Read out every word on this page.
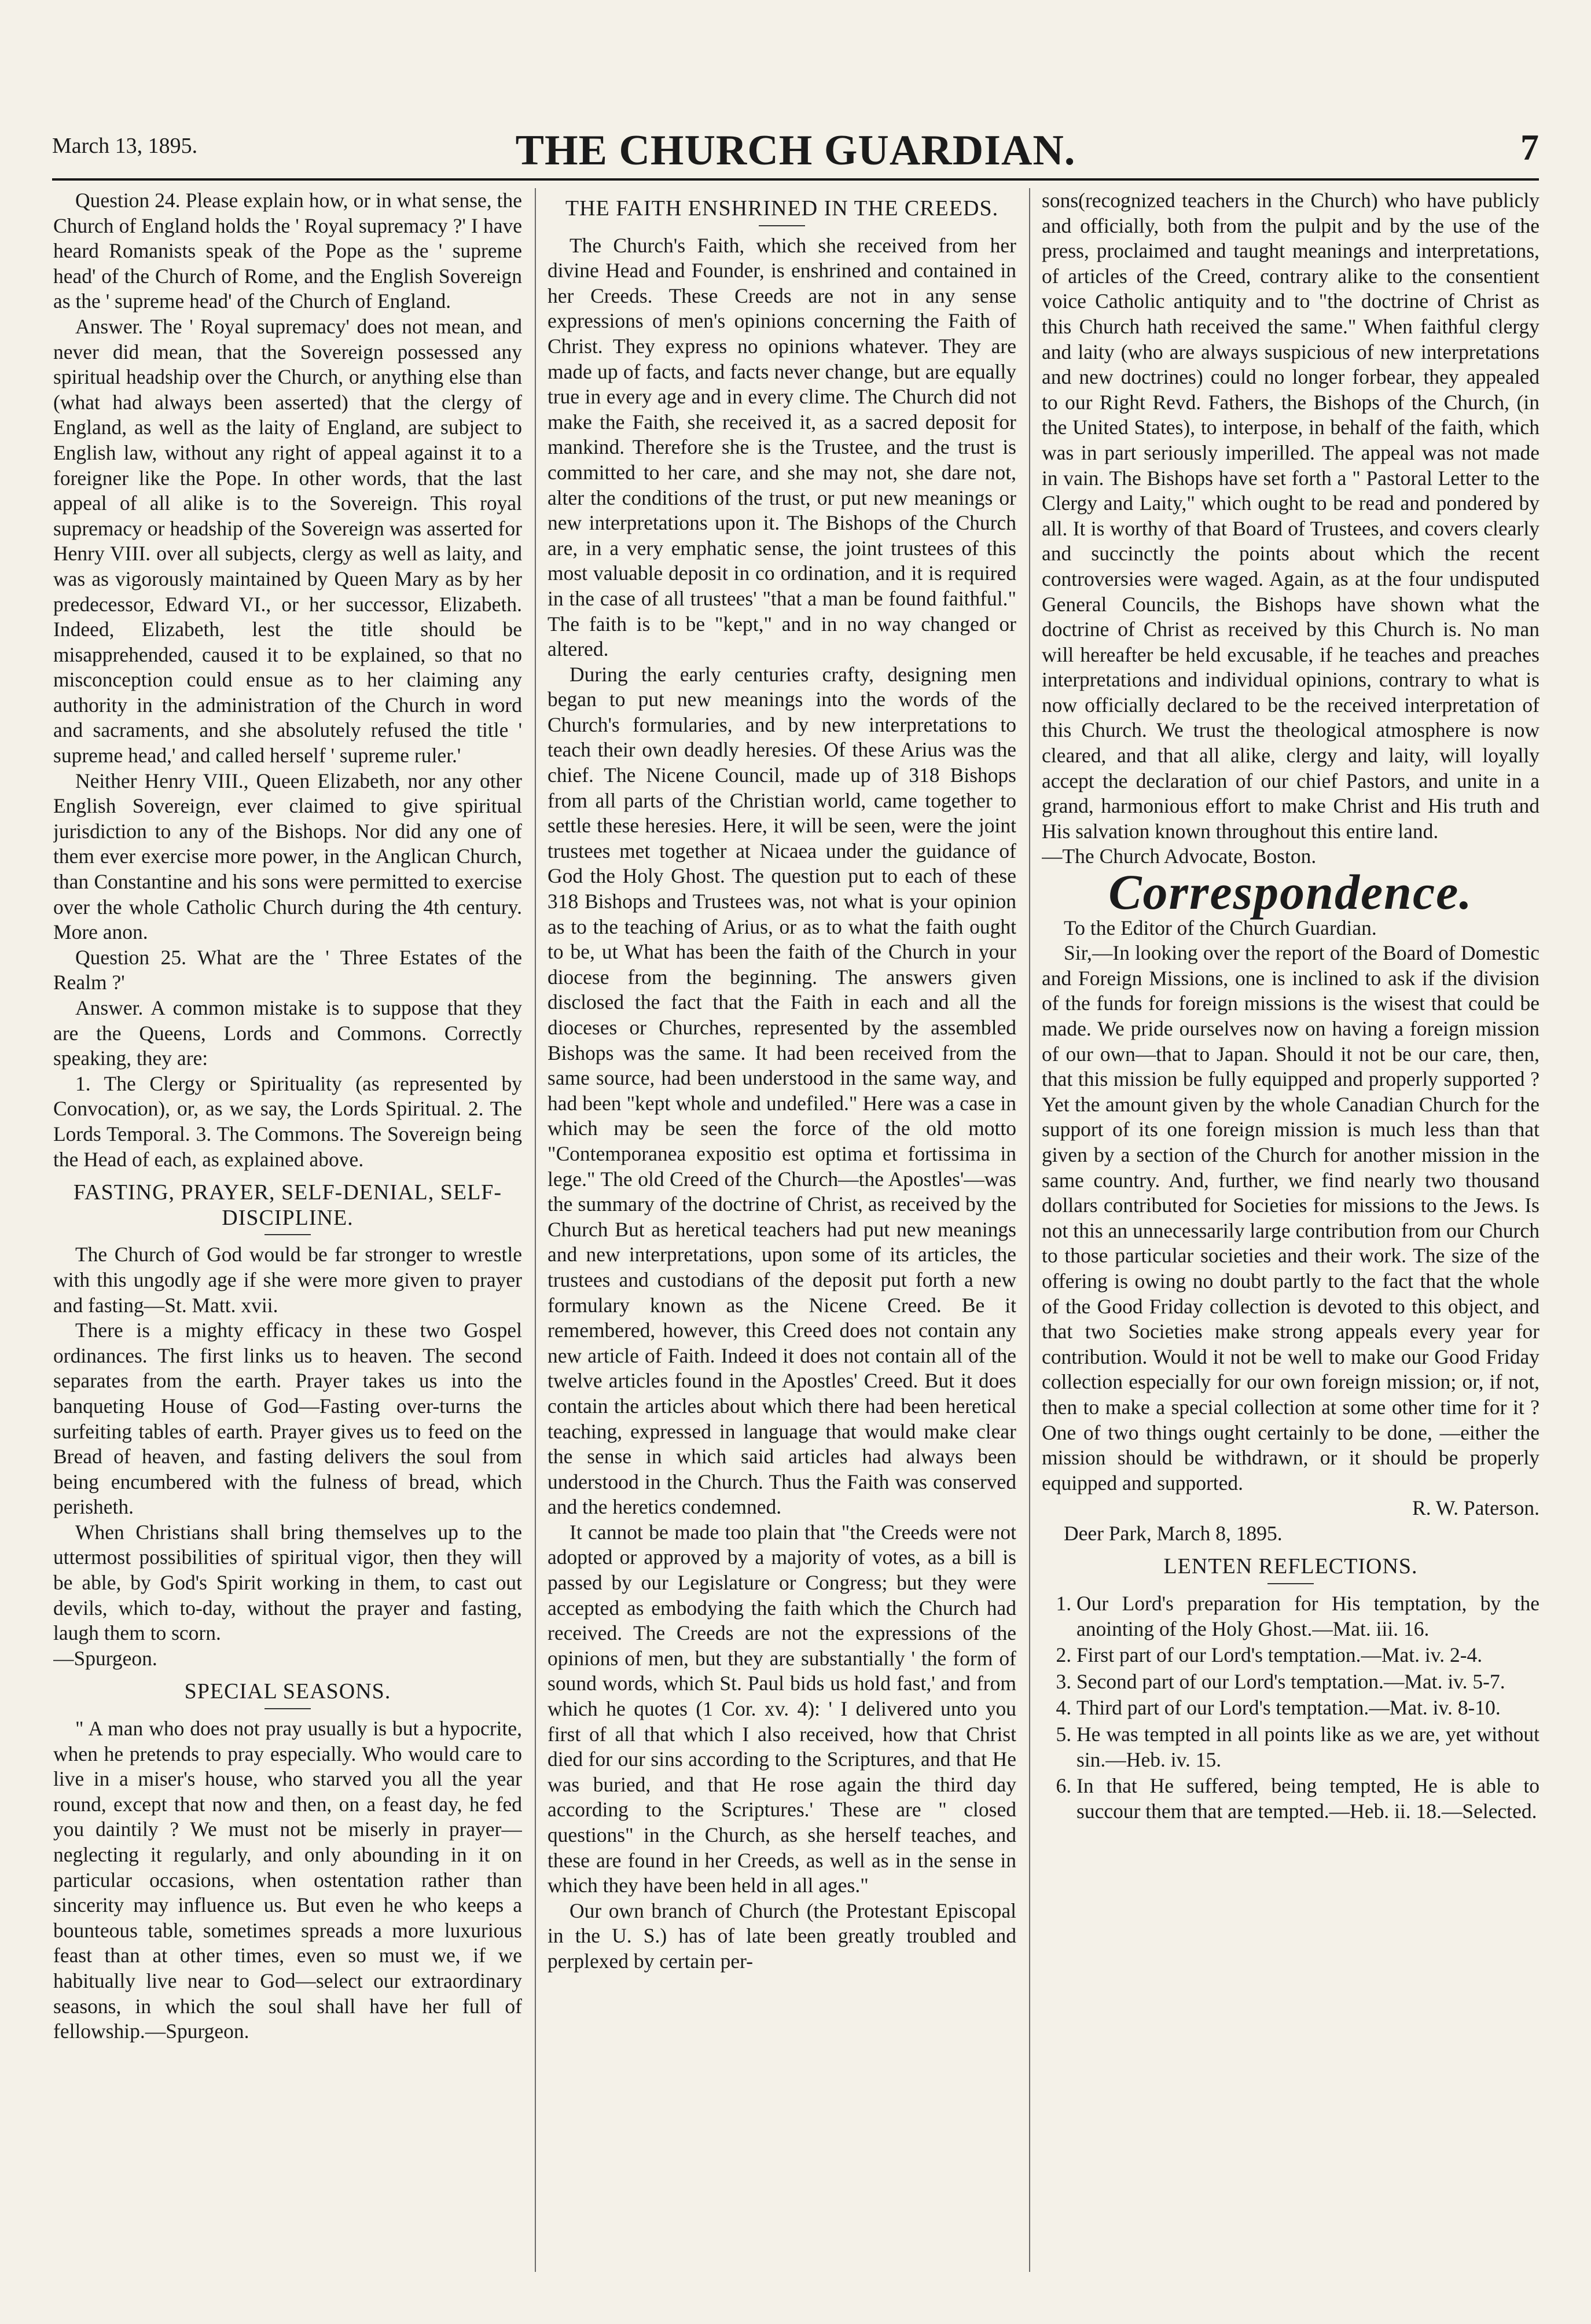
March 13, 1895.	THE CHURCH GUARDIAN.	7

Question 24. Please explain how, or in what sense, the Church of England holds the ' Royal supremacy ?' I have heard Romanists speak of the Pope as the ' supreme head' of the Church of Rome, and the English Sovereign as the ' supreme head' of the Church of England.

Answer. The ' Royal supremacy' does not mean, and never did mean, that the Sovereign possessed any spiritual headship over the Church, or anything else than (what had always been asserted) that the clergy of England, as well as the laity of England, are subject to English law, without any right of appeal against it to a foreigner like the Pope. In other words, that the last appeal of all alike is to the Sovereign. This royal supremacy or headship of the Sovereign was asserted for Henry VIII. over all subjects, clergy as well as laity, and was as vigorously maintained by Queen Mary as by her predecessor, Edward VI., or her successor, Elizabeth. Indeed, Elizabeth, lest the title should be misapprehended, caused it to be explained, so that no misconception could ensue as to her claiming any authority in the administration of the Church in word and sacraments, and she absolutely refused the title ' supreme head,' and called herself ' supreme ruler.'

Neither Henry VIII., Queen Elizabeth, nor any other English Sovereign, ever claimed to give spiritual jurisdiction to any of the Bishops. Nor did any one of them ever exercise more power, in the Anglican Church, than Constantine and his sons were permitted to exercise over the whole Catholic Church during the 4th century. More anon.

Question 25. What are the ' Three Estates of the Realm ?'

Answer. A common mistake is to suppose that they are the Queens, Lords and Commons. Correctly speaking, they are:

1. The Clergy or Spirituality (as represented by Convocation), or, as we say, the Lords Spiritual. 2. The Lords Temporal. 3. The Commons. The Sovereign being the Head of each, as explained above.

FASTING, PRAYER, SELF-DENIAL, SELF-DISCIPLINE.

The Church of God would be far stronger to wrestle with this ungodly age if she were more given to prayer and fasting—St. Matt. xvii.

There is a mighty efficacy in these two Gospel ordinances. The first links us to heaven. The second separates from the earth. Prayer takes us into the banqueting House of God—Fasting over-turns the surfeiting tables of earth. Prayer gives us to feed on the Bread of heaven, and fasting delivers the soul from being encumbered with the fulness of bread, which perisheth.

When Christians shall bring themselves up to the uttermost possibilities of spiritual vigor, then they will be able, by God's Spirit working in them, to cast out devils, which to-day, without the prayer and fasting, laugh them to scorn.

—Spurgeon.

SPECIAL SEASONS.

" A man who does not pray usually is but a hypocrite, when he pretends to pray especially. Who would care to live in a miser's house, who starved you all the year round, except that now and then, on a feast day, he fed you daintily ? We must not be miserly in prayer—neglecting it regularly, and only abounding in it on particular occasions, when ostentation rather than sincerity may influence us. But even he who keeps a bounteous table, sometimes spreads a more luxurious feast than at other times, even so must we, if we habitually live near to God—select our extraordinary seasons, in which the soul shall have her full of fellowship.—Spurgeon.

THE FAITH ENSHRINED IN THE CREEDS.

The Church's Faith, which she received from her divine Head and Founder, is enshrined and contained in her Creeds. These Creeds are not in any sense expressions of men's opinions concerning the Faith of Christ. They express no opinions whatever. They are made up of facts, and facts never change, but are equally true in every age and in every clime. The Church did not make the Faith, she received it, as a sacred deposit for mankind. Therefore she is the Trustee, and the trust is committed to her care, and she may not, she dare not, alter the conditions of the trust, or put new meanings or new interpretations upon it. The Bishops of the Church are, in a very emphatic sense, the joint trustees of this most valuable deposit in co ordination, and it is required in the case of all trustees' "that a man be found faithful." The faith is to be "kept," and in no way changed or altered.

During the early centuries crafty, designing men began to put new meanings into the words of the Church's formularies, and by new interpretations to teach their own deadly heresies. Of these Arius was the chief. The Nicene Council, made up of 318 Bishops from all parts of the Christian world, came together to settle these heresies. Here, it will be seen, were the joint trustees met together at Nicaea under the guidance of God the Holy Ghost. The question put to each of these 318 Bishops and Trustees was, not what is your opinion as to the teaching of Arius, or as to what the faith ought to be, ut What has been the faith of the Church in your diocese from the beginning. The answers given disclosed the fact that the Faith in each and all the dioceses or Churches, represented by the assembled Bishops was the same. It had been received from the same source, had been understood in the same way, and had been "kept whole and undefiled." Here was a case in which may be seen the force of the old motto "Contemporanea expositio est optima et fortissima in lege." The old Creed of the Church—the Apostles'—was the summary of the doctrine of Christ, as received by the Church But as heretical teachers had put new meanings and new interpretations, upon some of its articles, the trustees and custodians of the deposit put forth a new formulary known as the Nicene Creed. Be it remembered, however, this Creed does not contain any new article of Faith. Indeed it does not contain all of the twelve articles found in the Apostles' Creed. But it does contain the articles about which there had been heretical teaching, expressed in language that would make clear the sense in which said articles had always been understood in the Church. Thus the Faith was conserved and the heretics condemned.

It cannot be made too plain that "the Creeds were not adopted or approved by a majority of votes, as a bill is passed by our Legislature or Congress; but they were accepted as embodying the faith which the Church had received. The Creeds are not the expressions of the opinions of men, but they are substantially ' the form of sound words, which St. Paul bids us hold fast,' and from which he quotes (1 Cor. xv. 4): ' I delivered unto you first of all that which I also received, how that Christ died for our sins according to the Scriptures, and that He was buried, and that He rose again the third day according to the Scriptures.' These are " closed questions" in the Church, as she herself teaches, and these are found in her Creeds, as well as in the sense in which they have been held in all ages."

Our own branch of Church (the Protestant Episcopal in the U. S.) has of late been greatly troubled and perplexed by certain per-

sons(recognized teachers in the Church) who have publicly and officially, both from the pulpit and by the use of the press, proclaimed and taught meanings and interpretations, of articles of the Creed, contrary alike to the consentient voice Catholic antiquity and to "the doctrine of Christ as this Church hath received the same." When faithful clergy and laity (who are always suspicious of new interpretations and new doctrines) could no longer forbear, they appealed to our Right Revd. Fathers, the Bishops of the Church, (in the United States), to interpose, in behalf of the faith, which was in part seriously imperilled. The appeal was not made in vain. The Bishops have set forth a " Pastoral Letter to the Clergy and Laity," which ought to be read and pondered by all. It is worthy of that Board of Trustees, and covers clearly and succinctly the points about which the recent controversies were waged. Again, as at the four undisputed General Councils, the Bishops have shown what the doctrine of Christ as received by this Church is. No man will hereafter be held excusable, if he teaches and preaches interpretations and individual opinions, contrary to what is now officially declared to be the received interpretation of this Church. We trust the theological atmosphere is now cleared, and that all alike, clergy and laity, will loyally accept the declaration of our chief Pastors, and unite in a grand, harmonious effort to make Christ and His truth and His salvation known throughout this entire land.

—The Church Advocate, Boston.

Correspondence.

To the Editor of the Church Guardian.

Sir,—In looking over the report of the Board of Domestic and Foreign Missions, one is inclined to ask if the division of the funds for foreign missions is the wisest that could be made. We pride ourselves now on having a foreign mission of our own—that to Japan. Should it not be our care, then, that this mission be fully equipped and properly supported ? Yet the amount given by the whole Canadian Church for the support of its one foreign mission is much less than that given by a section of the Church for another mission in the same country. And, further, we find nearly two thousand dollars contributed for Societies for missions to the Jews. Is not this an unnecessarily large contribution from our Church to those particular societies and their work. The size of the offering is owing no doubt partly to the fact that the whole of the Good Friday collection is devoted to this object, and that two Societies make strong appeals every year for contribution. Would it not be well to make our Good Friday collection especially for our own foreign mission; or, if not, then to make a special collection at some other time for it ? One of two things ought certainly to be done, —either the mission should be withdrawn, or it should be properly equipped and supported.

R. W. Paterson.

Deer Park, March 8, 1895.

LENTEN REFLECTIONS.
1. Our Lord's preparation for His temptation, by the anointing of the Holy Ghost.—Mat. iii. 16.
2. First part of our Lord's temptation.—Mat. iv. 2-4.
3. Second part of our Lord's temptation.—Mat. iv. 5-7.
4. Third part of our Lord's temptation.—Mat. iv. 8-10.
5. He was tempted in all points like as we are, yet without sin.—Heb. iv. 15.
6. In that He suffered, being tempted, He is able to succour them that are tempted.—Heb. ii. 18.—Selected.
